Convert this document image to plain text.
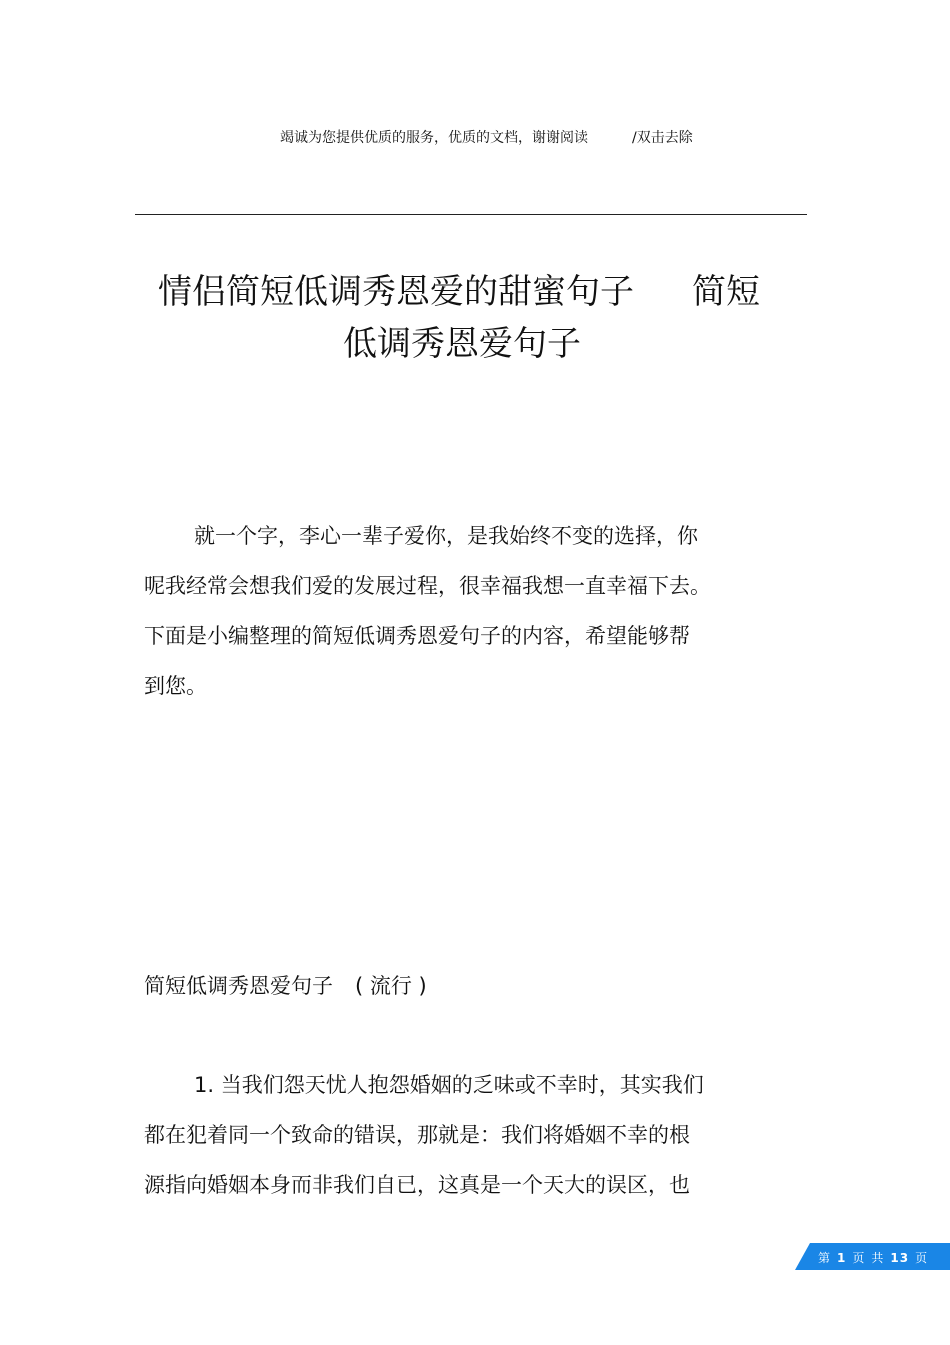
竭诚为您提供优质的服务，优质的文档，谢谢阅读	/双击去除
情侣简短低调秀恩爱的甜蜜句子 简短
低调秀恩爱句子
就一个字，李心一辈子爱你，是我始终不变的选择，你
呢我经常会想我们爱的发展过程，很幸福我想一直幸福下去。
下面是小编整理的简短低调秀恩爱句子的内容，希望能够帮
到您。
简短低调秀恩爱句子 ( 流行 )
1. 当我们怨天忧人抱怨婚姻的乏味或不幸时，其实我们
都在犯着同一个致命的错误，那就是：我们将婚姻不幸的根
源指向婚姻本身而非我们自已，这真是一个天大的误区，也
第 1 页 共 13 页
